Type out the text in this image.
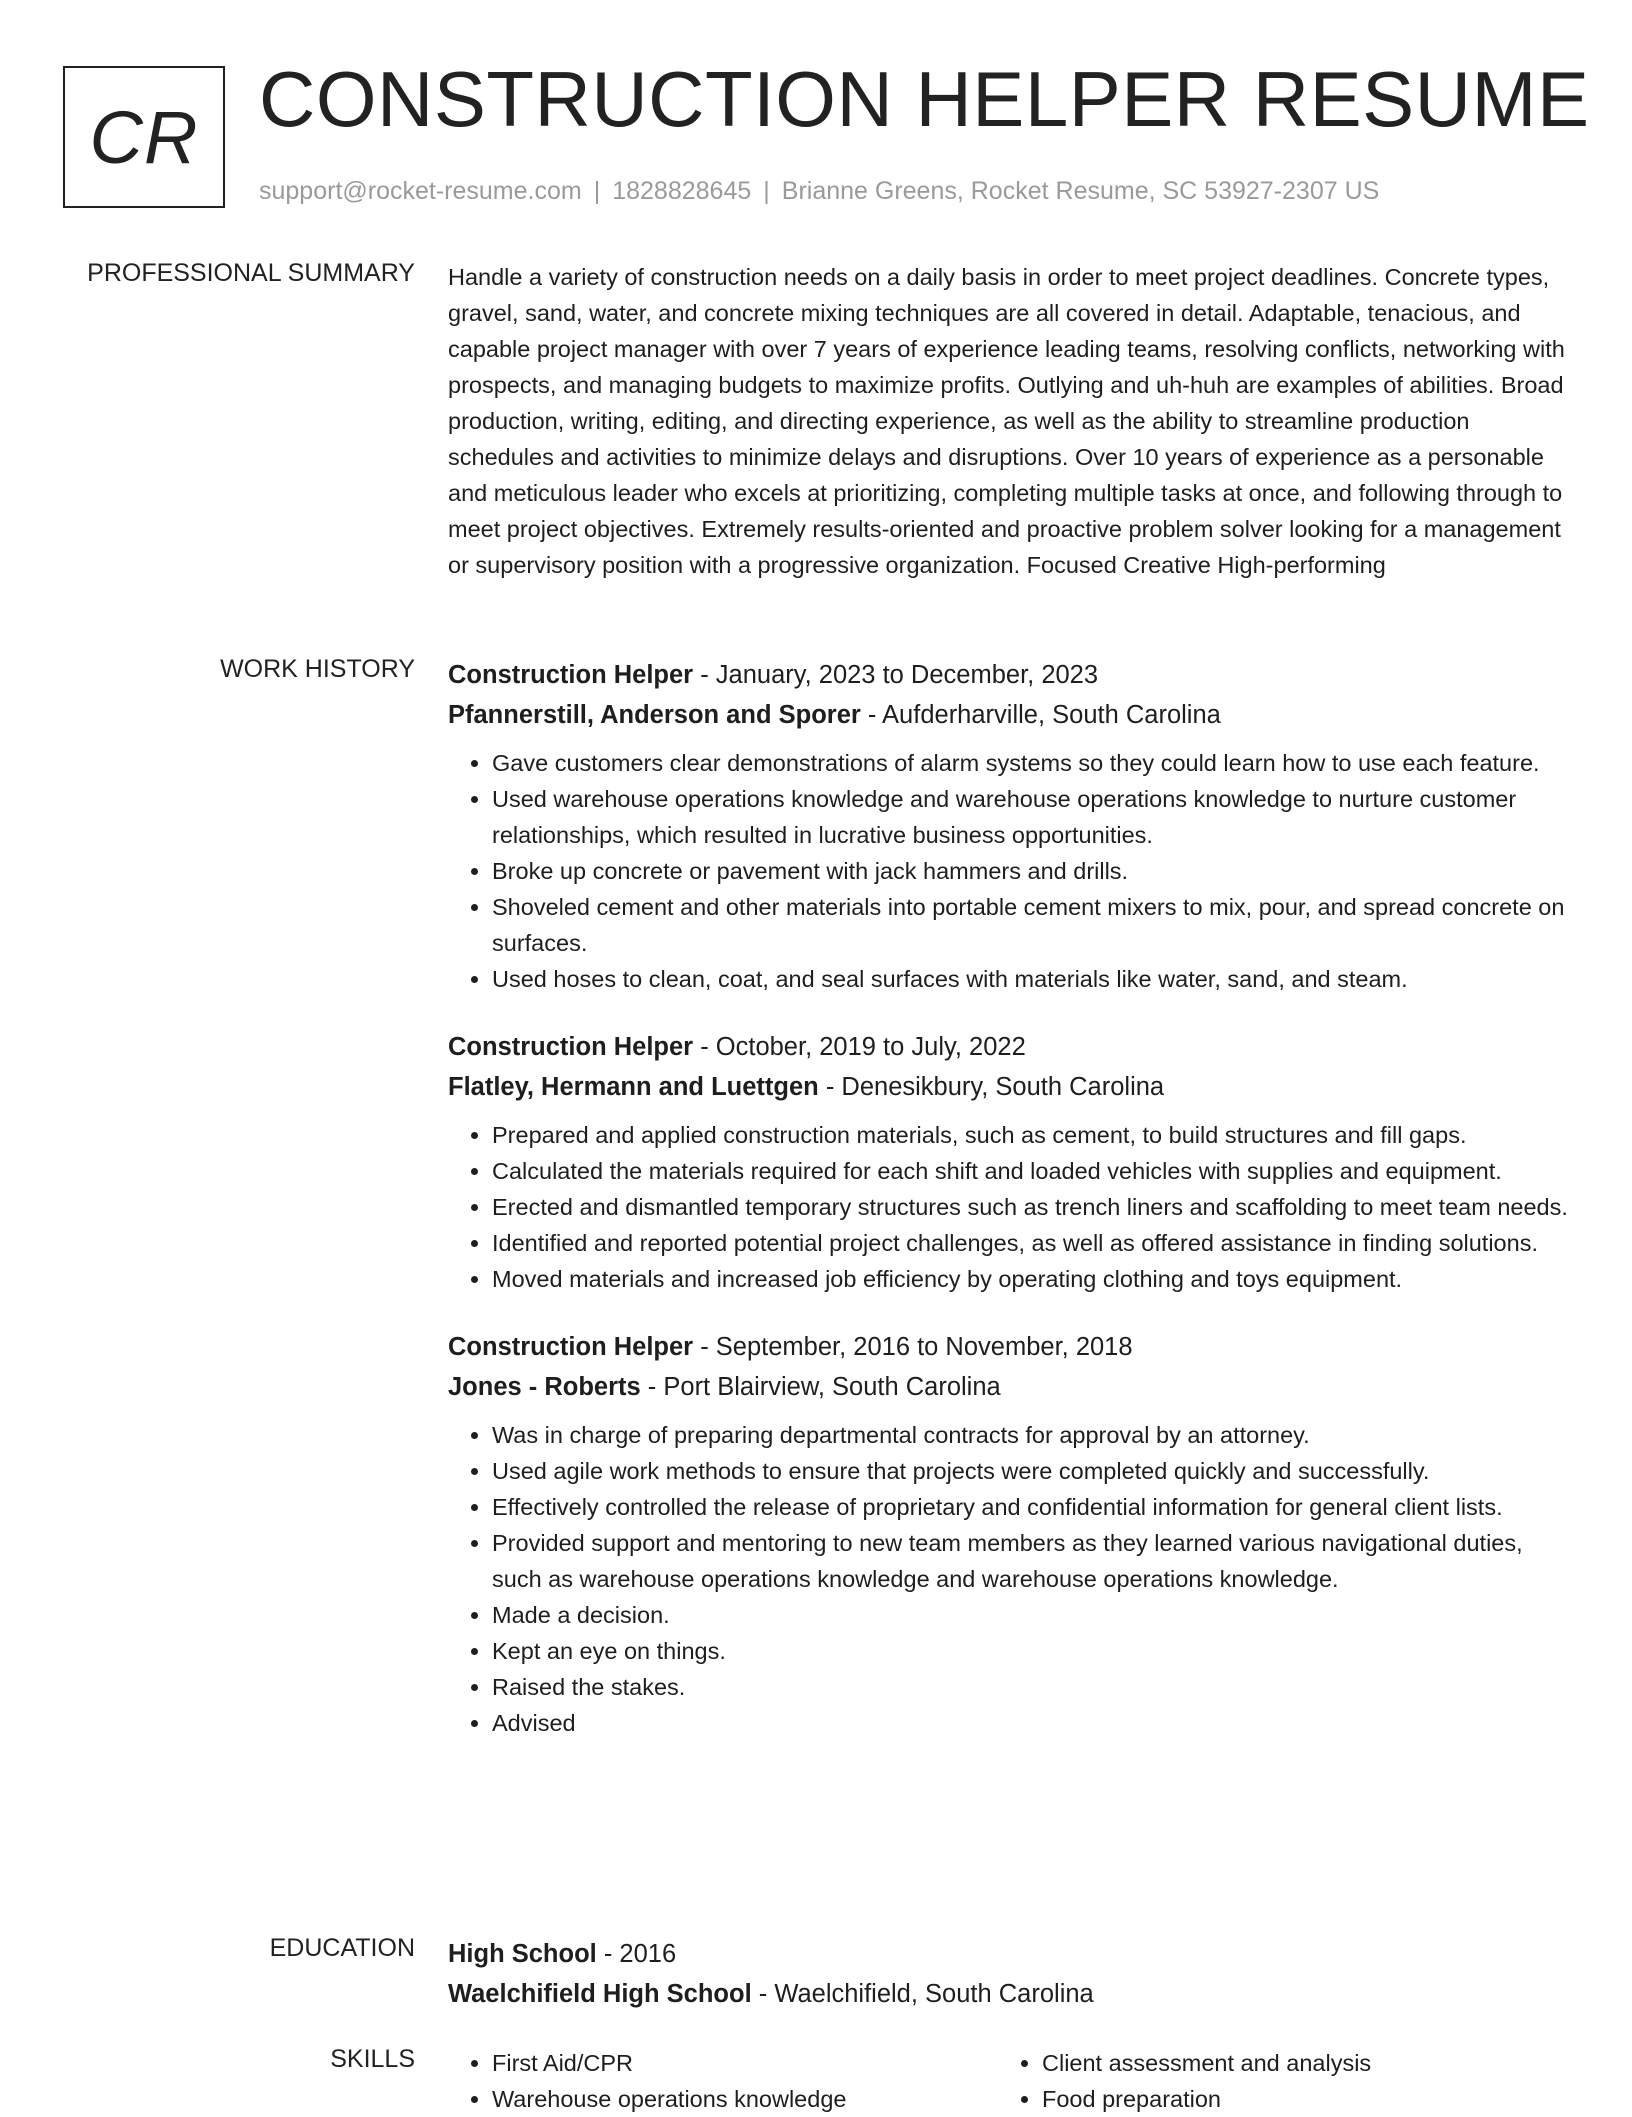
CR CONSTRUCTION HELPER RESUME
support@rocket-resume.com | 1828828645 | Brianne Greens, Rocket Resume, SC 53927-2307 US
PROFESSIONAL SUMMARY Handle a variety of construction needs on a daily basis in order to meet project deadlines. Concrete types, gravel, sand, water, and concrete mixing techniques are all covered in detail. Adaptable, tenacious, and capable project manager with over 7 years of experience leading teams, resolving conflicts, networking with prospects, and managing budgets to maximize profits. Outlying and uh-huh are examples of abilities. Broad production, writing, editing, and directing experience, as well as the ability to streamline production schedules and activities to minimize delays and disruptions. Over 10 years of experience as a personable and meticulous leader who excels at prioritizing, completing multiple tasks at once, and following through to meet project objectives. Extremely results-oriented and proactive problem solver looking for a management or supervisory position with a progressive organization. Focused Creative High-performing

WORK HISTORY Construction Helper - January, 2023 to December, 2023
Pfannerstill, Anderson and Sporer - Aufderharville, South Carolina
• Gave customers clear demonstrations of alarm systems so they could learn how to use each feature.
• Used warehouse operations knowledge and warehouse operations knowledge to nurture customer relationships, which resulted in lucrative business opportunities.
• Broke up concrete or pavement with jack hammers and drills.
• Shoveled cement and other materials into portable cement mixers to mix, pour, and spread concrete on surfaces.
• Used hoses to clean, coat, and seal surfaces with materials like water, sand, and steam.
Construction Helper - October, 2019 to July, 2022
Flatley, Hermann and Luettgen - Denesikbury, South Carolina
• Prepared and applied construction materials, such as cement, to build structures and fill gaps.
• Calculated the materials required for each shift and loaded vehicles with supplies and equipment.
• Erected and dismantled temporary structures such as trench liners and scaffolding to meet team needs.
• Identified and reported potential project challenges, as well as offered assistance in finding solutions.
• Moved materials and increased job efficiency by operating clothing and toys equipment.
Construction Helper - September, 2016 to November, 2018
Jones - Roberts - Port Blairview, South Carolina
• Was in charge of preparing departmental contracts for approval by an attorney.
• Used agile work methods to ensure that projects were completed quickly and successfully.
• Effectively controlled the release of proprietary and confidential information for general client lists.
• Provided support and mentoring to new team members as they learned various navigational duties, such as warehouse operations knowledge and warehouse operations knowledge.
• Made a decision.
• Kept an eye on things.
• Raised the stakes.
• Advised
EDUCATION High School - 2016
Waelchifield High School - Waelchifield, South Carolina
SKILLS
•	First Aid/CPR
• Warehouse operations knowledge
• Client assessment and analysis
• Food preparation
